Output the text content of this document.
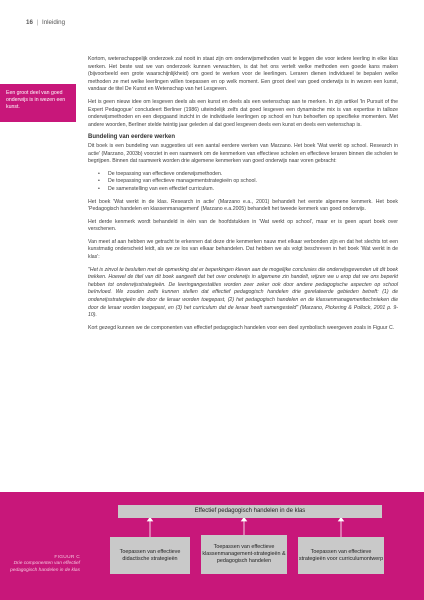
16 | Inleiding
Een groot deel van goed onderwijs is in wezen een kunst.

Kortom, wetenschappelijk onderzoek zal nooit in staat zijn om onderwijsmethoden vast te leggen die voor iedere leerling in elke klas werken. Het beste wat we van onderzoek kunnen verwachten, is dat het ons vertelt welke methoden een goede kans maken (bijvoorbeeld een grote waarschijnlijkheid) om goed te werken voor de leerlingen. Leraren dienen individueel te bepalen welke methoden ze met welke leerlingen willen toepassen en op welk moment. Een groot deel van goed onderwijs is in wezen een kunst, vandaar de titel De Kunst en Wetenschap van het Lesgeven.

Het is geen nieuw idee om lesgeven deels als een kunst en deels als een wetenschap aan te merken. In zijn artikel 'In Pursuit of the Expert Pedagogue' concludeert Berliner (1986) uiteindelijk zelfs dat goed lesgeven een dynamische mix is van expertise in talloze onderwijsmethoden en een diepgaand inzicht in de individuele leerlingen op school en hun behoeften op specifieke momenten. Met andere woorden, Berliner stelde twintig jaar geleden al dat goed lesgeven deels een kunst en deels een wetenschap is.

Bundeling van eerdere werken

Dit boek is een bundeling van suggesties uit een aantal eerdere werken van Marzano. Het boek 'Wat werkt op school. Research in actie' (Marzano, 2003b) voorziet in een raamwerk om de kenmerken van effectieve scholen en effectieve leraren binnen die scholen te begrijpen. Binnen dat raamwerk worden drie algemene kenmerken van goed onderwijs naar voren gebracht:

• De toepassing van effectieve onderwijsmethoden.
• De toepassing van effectieve managementstrategieën op school.
• De samenstelling van een effectief curriculum.

Het boek 'Wat werkt in de klas. Research in actie' (Marzano e.a., 2001) behandelt het eerste algemene kenmerk. Het boek 'Pedagogisch handelen en klassenmanagement' (Marzano e.a.2005) behandelt het tweede kenmerk van goed onderwijs.

Het derde kenmerk wordt behandeld in één van de hoofdstukken in 'Wat werkt op school', maar er is geen apart boek over verschenen.

Van meet af aan hebben we getracht te erkennen dat deze drie kenmerken nauw met elkaar verbonden zijn en dat het slechts tot een kunstmatig onderscheid leidt, als we ze los van elkaar behandelen. Dat hebben we als volgt beschreven in het boek 'Wat werkt in de klas':

"Het is zinvol te besluiten met de opmerking dat er beperkingen kleven aan de mogelijke conclusies die onderwijsgevenden uit dit boek trekken. Hoewel de titel van dit boek aangeeft dat het over onderwijs in algemene zin handelt, wijzen we u erop dat we ons beperkt hebben tot onderwijsstrategieën. De leeringangestalties worden zeer zeker ook door andere pedagogische aspecten op school beïnvloed. We zouden zelfs kunnen stellen dat effectief pedagogisch handelen drie gerelateerde gebieden betreft: (1) de onderwijsstrategieën die door de leraar worden toegepast, (2) het pedagogisch handelen en de klassenmanagementtechnieken die door de leraar worden toegepast, en (3) het curriculum dat de leraar heeft samengesteld" (Marzano, Pickering & Pollock, 2001 p. 9-10).

Kort gezegd kunnen we de componenten van effectief pedagogisch handelen voor een deel symbolisch weergeven zoals in Figuur C.

FIGUUR C
Drie componenten van effectief pedagogisch handelen in de klas
Effectief pedagogisch handelen in de klas
Toepassen van effectieve didactische strategieën
Toepassen van effectieve klassenmanagement-strategieën & pedagogisch handelen
Toepassen van effectieve strategieën voor curriculumontwerp
